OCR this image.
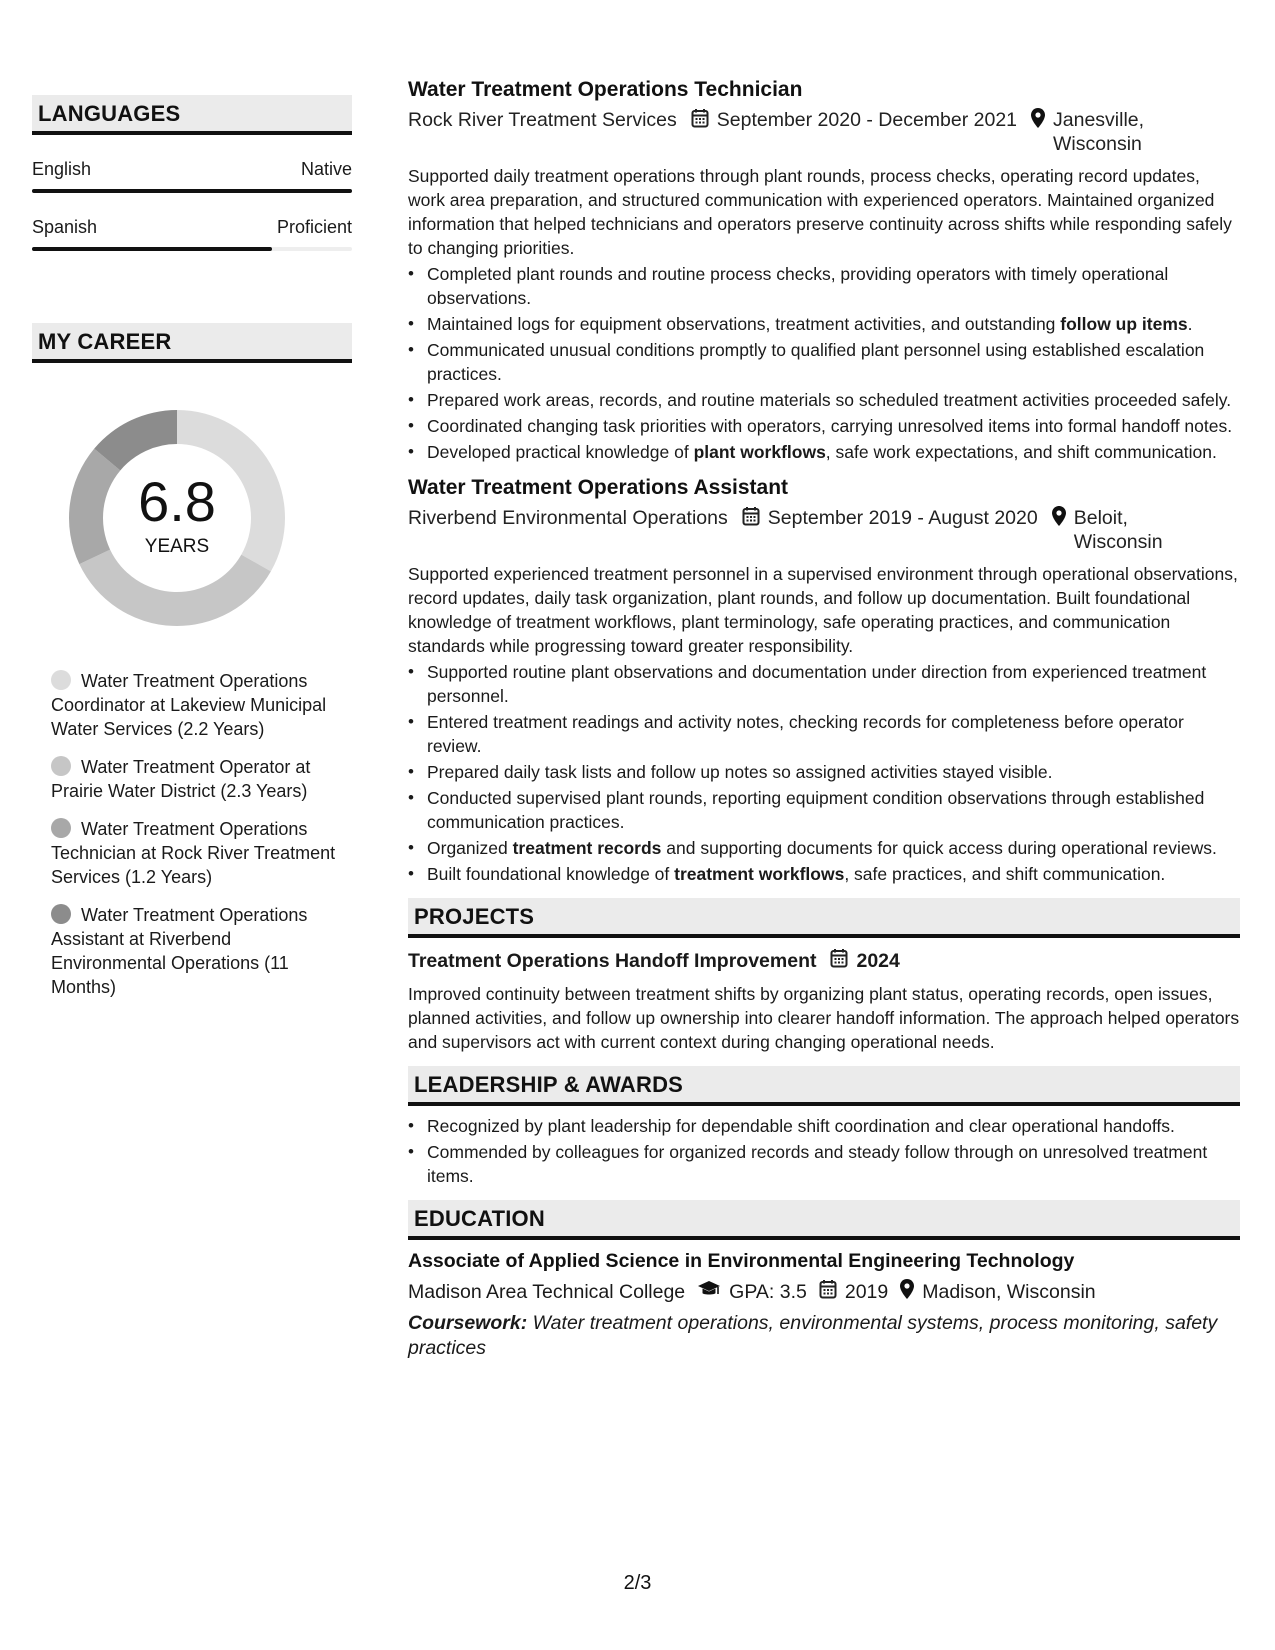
LANGUAGES
English	Native
Spanish	Proficient
MY CAREER
6.8
YEARS
Water Treatment Operations Coordinator at Lakeview Municipal Water Services (2.2 Years)
Water Treatment Operator at Prairie Water District (2.3 Years)
Water Treatment Operations Technician at Rock River Treatment Services (1.2 Years)
Water Treatment Operations Assistant at Riverbend Environmental Operations (11 Months)
Water Treatment Operations Technician
Rock River Treatment Services September 2020 - December 2021 Janesville,
Wisconsin
Supported daily treatment operations through plant rounds, process checks, operating record updates, work area preparation, and structured communication with experienced operators. Maintained organized information that helped technicians and operators preserve continuity across shifts while responding safely to changing priorities.
• Completed plant rounds and routine process checks, providing operators with timely operational observations.
• Maintained logs for equipment observations, treatment activities, and outstanding follow up items.
• Communicated unusual conditions promptly to qualified plant personnel using established escalation practices.
• Prepared work areas, records, and routine materials so scheduled treatment activities proceeded safely.
• Coordinated changing task priorities with operators, carrying unresolved items into formal handoff notes.
• Developed practical knowledge of plant workflows, safe work expectations, and shift communication.
Water Treatment Operations Assistant
Riverbend Environmental Operations September 2019 - August 2020 Beloit,
Wisconsin
Supported experienced treatment personnel in a supervised environment through operational observations, record updates, daily task organization, plant rounds, and follow up documentation. Built foundational knowledge of treatment workflows, plant terminology, safe operating practices, and communication standards while progressing toward greater responsibility.
• Supported routine plant observations and documentation under direction from experienced treatment personnel.
• Entered treatment readings and activity notes, checking records for completeness before operator review.
• Prepared daily task lists and follow up notes so assigned activities stayed visible.
• Conducted supervised plant rounds, reporting equipment condition observations through established communication practices.
• Organized treatment records and supporting documents for quick access during operational reviews.
• Built foundational knowledge of treatment workflows, safe practices, and shift communication.
PROJECTS
Treatment Operations Handoff Improvement 2024
Improved continuity between treatment shifts by organizing plant status, operating records, open issues, planned activities, and follow up ownership into clearer handoff information. The approach helped operators and supervisors act with current context during changing operational needs.
LEADERSHIP & AWARDS
• Recognized by plant leadership for dependable shift coordination and clear operational handoffs.
• Commended by colleagues for organized records and steady follow through on unresolved treatment items.
EDUCATION
Associate of Applied Science in Environmental Engineering Technology
Madison Area Technical College GPA: 3.5 2019 Madison, Wisconsin
Coursework: Water treatment operations, environmental systems, process monitoring, safety practices
2/3
